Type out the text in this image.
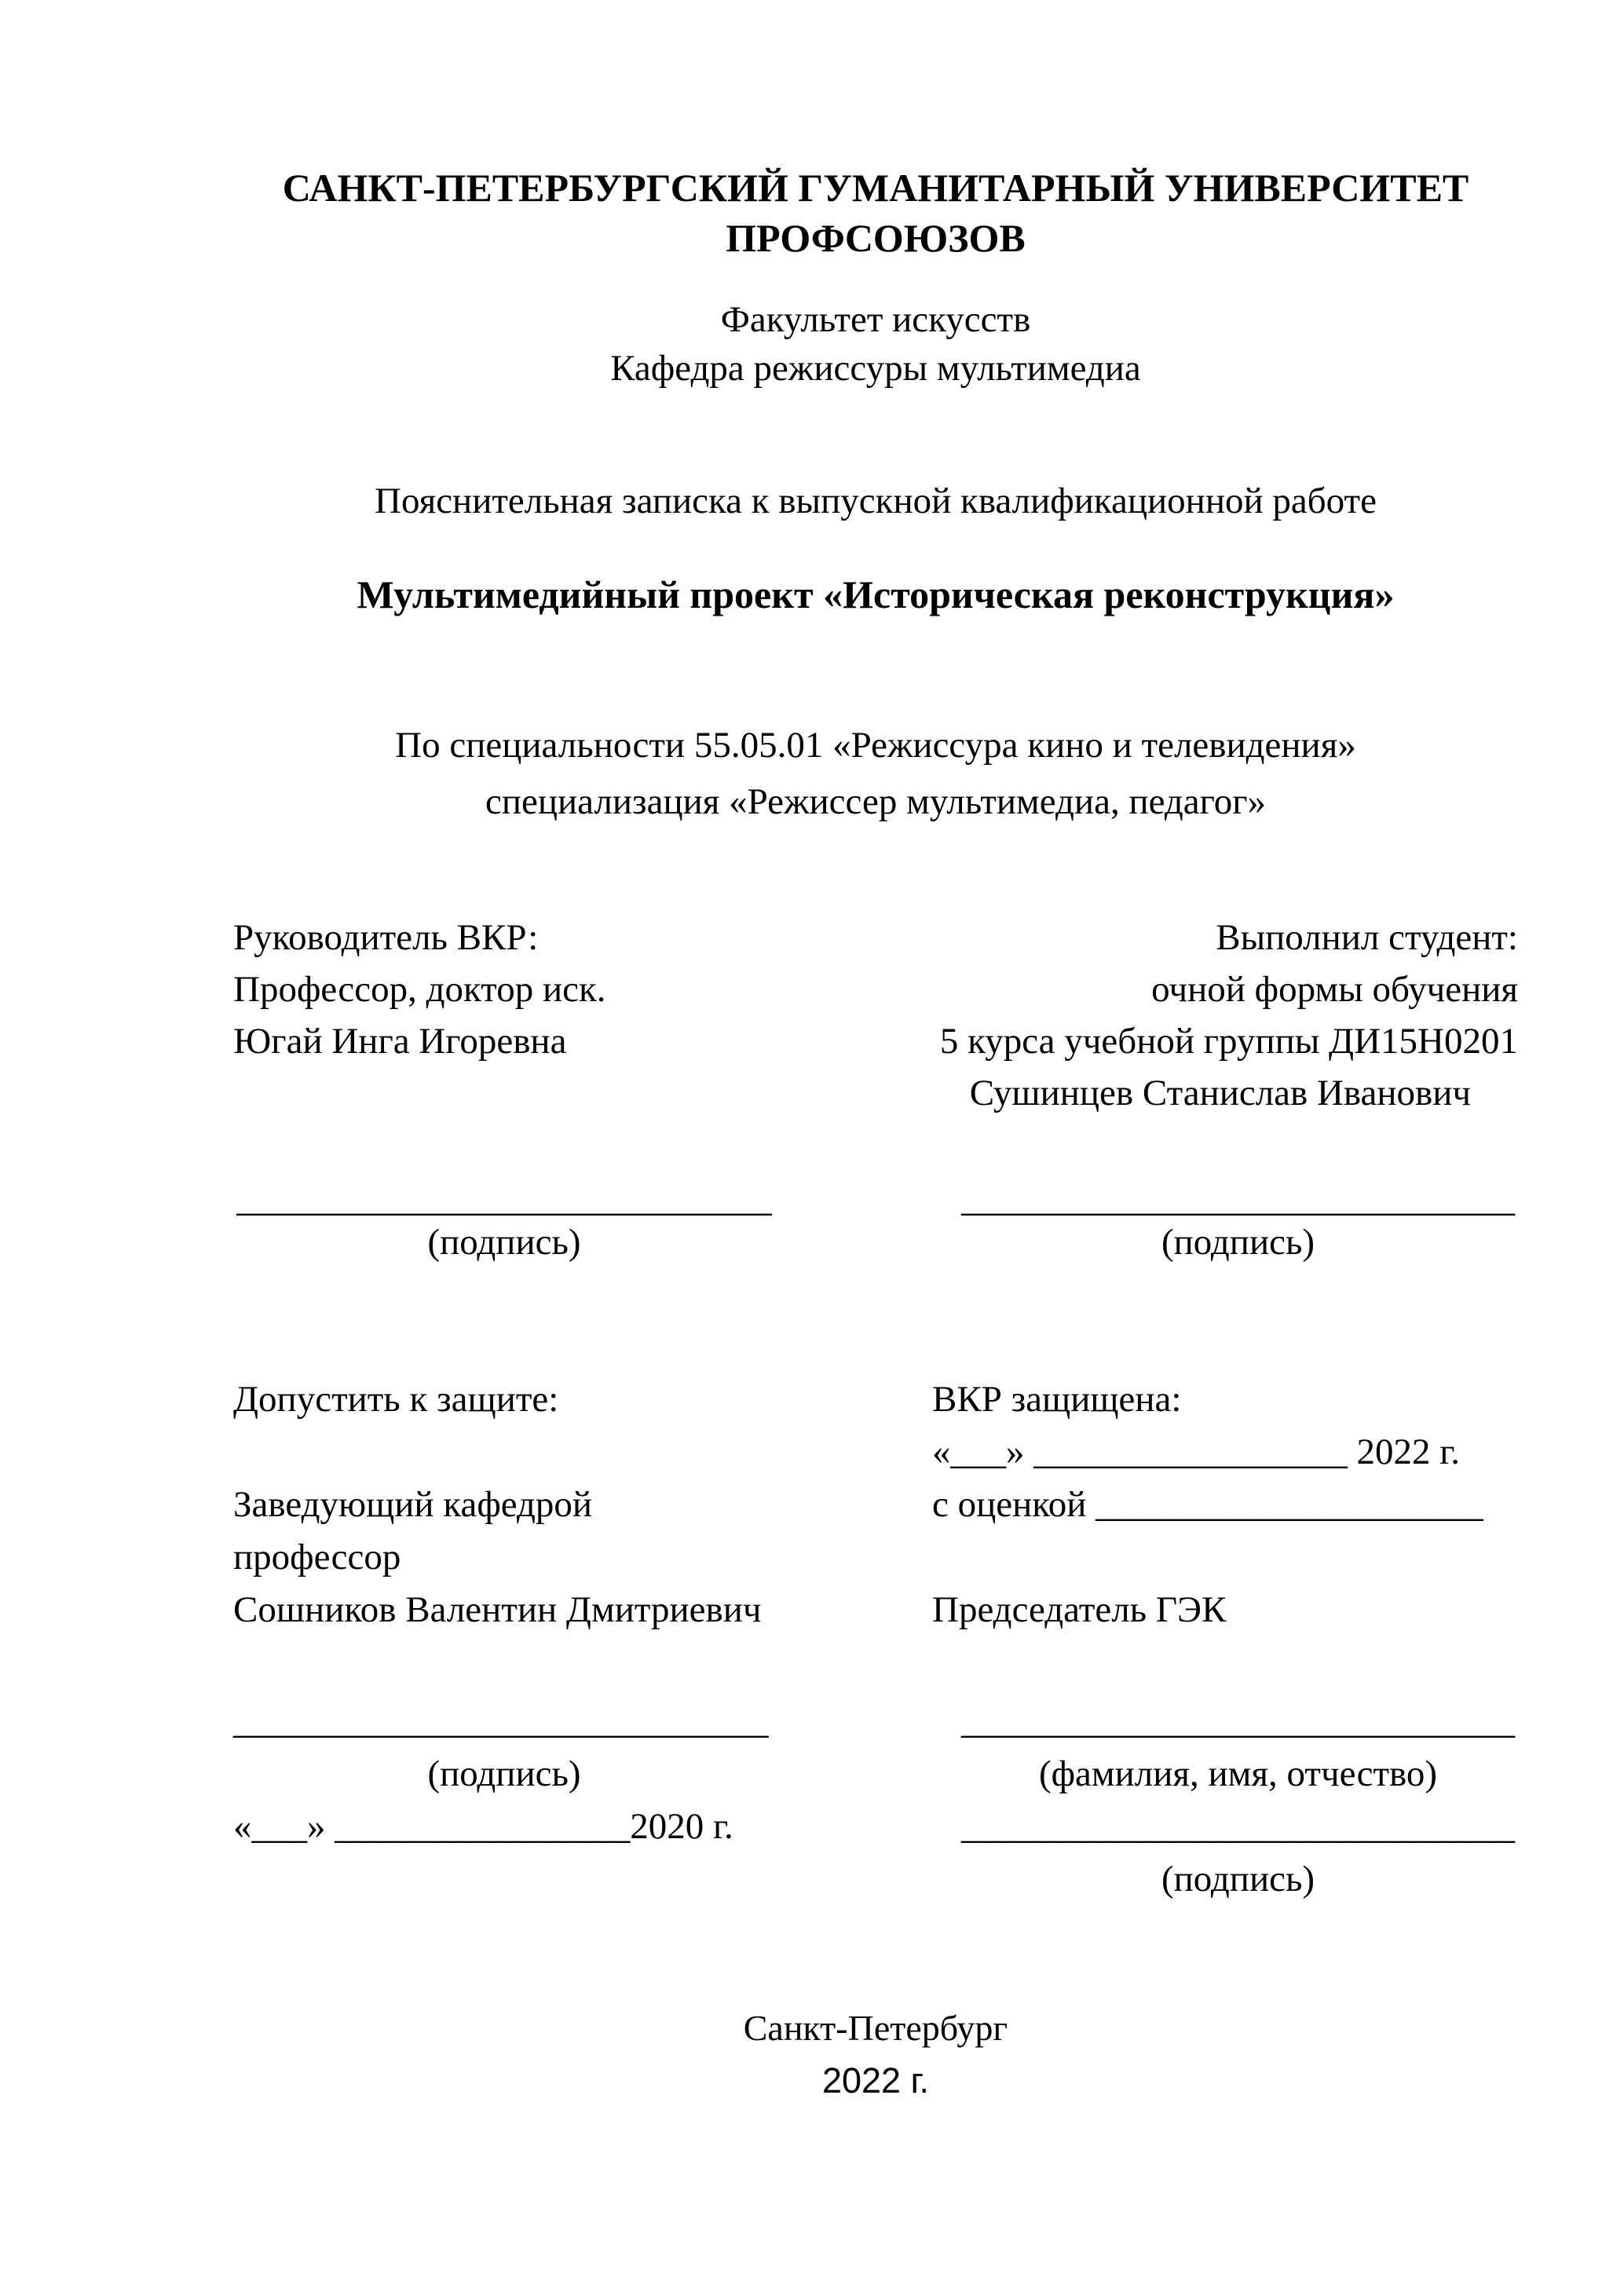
САНКТ-ПЕТЕРБУРГСКИЙ ГУМАНИТАРНЫЙ УНИВЕРСИТЕТ
ПРОФСОЮЗОВ
Факультет искусств
Кафедра режиссуры мультимедиа
Пояснительная записка к выпускной квалификационной работе
Мультимедийный проект «Историческая реконструкция»
По специальности 55.05.01 «Режиссура кино и телевидения»
специализация «Режиссер мультимедиа, педагог»
Руководитель ВКР:
Профессор, доктор иск.
Югай Инга Игоревна
Выполнил студент:
очной формы обучения
5 курса учебной группы ДИ15Н0201
Сушинцев Станислав Иванович
_____________________________
(подпись)
______________________________
(подпись)
Допустить к защите:
Заведующий кафедрой
профессор
Сошников Валентин Дмитриевич
ВКР защищена:
«___» _________________ 2022 г.
с оценкой _____________________
Председатель ГЭК
_____________________________
(подпись)
«___» ________________2020 г.
______________________________
(фамилия, имя, отчество)
______________________________
(подпись)
Санкт-Петербург
2022 г.
